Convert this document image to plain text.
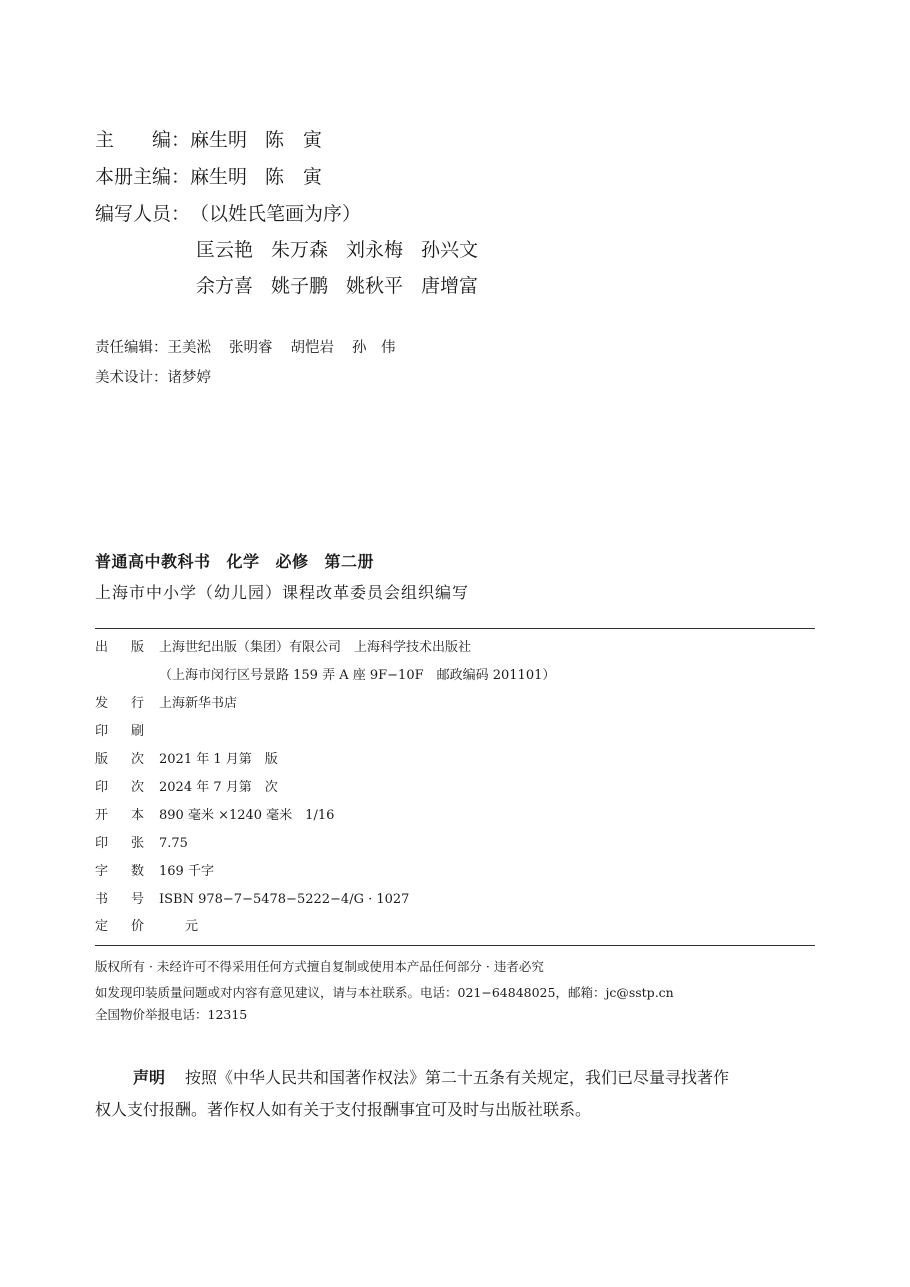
主　　编：麻生明 陈　寅
本册主编：麻生明 陈　寅
编写人员：（以姓氏笔画为序）
匡云艳 朱万森 刘永梅 孙兴文
余方喜 姚子鹏 姚秋平 唐增富
责任编辑：王美淞 张明睿 胡恺岩 孙　伟
美术设计：诸梦婷
普通高中教科书 化学 必修 第二册
上海市中小学（幼儿园）课程改革委员会组织编写
出 版 上海世纪出版（集团）有限公司　上海科学技术出版社
（上海市闵行区号景路 159 弄 A 座 9F−10F　邮政编码 201101）
发 行 上海新华书店
印 刷
版 次 2021 年 1 月第　版
印 次 2024 年 7 月第　次
开 本 890 毫米 ×1240 毫米　1/16
印 张 7.75
字 数 169 千字
书 号 ISBN 978−7−5478−5222−4/G · 1027
定 价 　　元
版权所有 · 未经许可不得采用任何方式擅自复制或使用本产品任何部分 · 违者必究
如发现印装质量问题或对内容有意见建议，请与本社联系。电话：021−64848025，邮箱：jc@sstp.cn
全国物价举报电话：12315
声明 按照《中华人民共和国著作权法》第二十五条有关规定，我们已尽量寻找著作
权人支付报酬。著作权人如有关于支付报酬事宜可及时与出版社联系。
